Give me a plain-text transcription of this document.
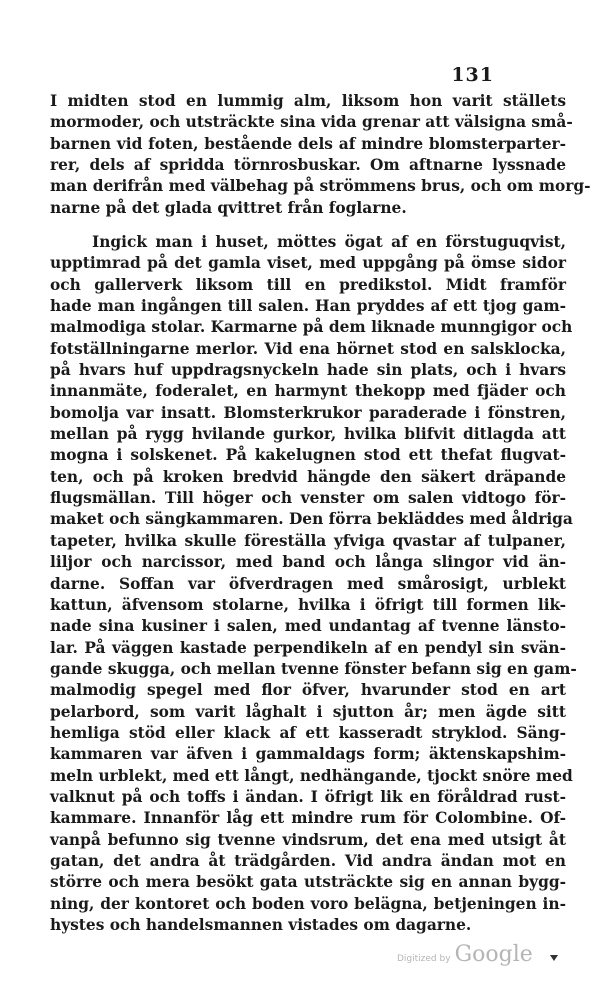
131
I midten stod en lummig alm, liksom hon varit ställets
mormoder, och utsträckte sina vida grenar att välsigna små-
barnen vid foten, bestående dels af mindre blomsterparter-
rer, dels af spridda törnrosbuskar. Om aftnarne lyssnade
man derifrån med välbehag på strömmens brus, och om morg-
narne på det glada qvittret från foglarne.
Ingick man i huset, möttes ögat af en förstuguqvist,
upptimrad på det gamla viset, med uppgång på ömse sidor
och gallerverk liksom till en predikstol. Midt framför
hade man ingången till salen. Han pryddes af ett tjog gam-
malmodiga stolar. Karmarne på dem liknade munngigor och
fotställningarne merlor. Vid ena hörnet stod en salsklocka,
på hvars huf uppdragsnyckeln hade sin plats, och i hvars
innanmäte, foderalet, en harmynt thekopp med fjäder och
bomolja var insatt. Blomsterkrukor paraderade i fönstren,
mellan på rygg hvilande gurkor, hvilka blifvit ditlagda att
mogna i solskenet. På kakelugnen stod ett thefat flugvat-
ten, och på kroken bredvid hängde den säkert dräpande
flugsmällan. Till höger och venster om salen vidtogo för-
maket och sängkammaren. Den förra bekläddes med åldriga
tapeter, hvilka skulle föreställa yfviga qvastar af tulpaner,
liljor och narcissor, med band och långa slingor vid än-
darne. Soffan var öfverdragen med smårosigt, urblekt
kattun, äfvensom stolarne, hvilka i öfrigt till formen lik-
nade sina kusiner i salen, med undantag af tvenne länsto-
lar. På väggen kastade perpendikeln af en pendyl sin svän-
gande skugga, och mellan tvenne fönster befann sig en gam-
malmodig spegel med flor öfver, hvarunder stod en art
pelarbord, som varit låghalt i sjutton år; men ägde sitt
hemliga stöd eller klack af ett kasseradt stryklod. Säng-
kammaren var äfven i gammaldags form; äktenskapshim-
meln urblekt, med ett långt, nedhängande, tjockt snöre med
valknut på och toffs i ändan. I öfrigt lik en föråldrad rust-
kammare. Innanför låg ett mindre rum för Colombine. Of-
vanpå befunno sig tvenne vindsrum, det ena med utsigt åt
gatan, det andra åt trädgården. Vid andra ändan mot en
större och mera besökt gata utsträckte sig en annan bygg-
ning, der kontoret och boden voro belägna, betjeningen in-
hystes och handelsmannen vistades om dagarne.
Digitized by Google
